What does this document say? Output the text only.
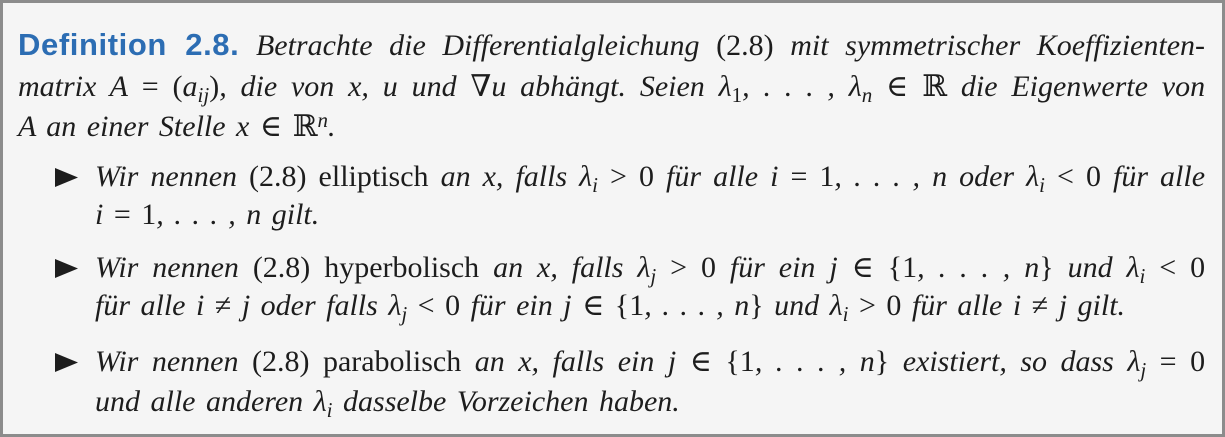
Definition 2.8. Betrachte die Differentialgleichung (2.8) mit symmetrischer Koeffizienten-
matrix $A = (a_{ij})$, die von x, u und ∇u abhängt. Seien $\lambda_1$, . . . , $\lambda_n$ ∈ ℝ die Eigenwerte von
A an einer Stelle x ∈ ℝ$^n$.
Wir nennen (2.8) elliptisch an x, falls $\lambda_i > 0$ für alle i = 1, . . . , n oder $\lambda_i < 0$ für alle
i = 1, . . . , n gilt.
Wir nennen (2.8) hyperbolisch an x, falls $\lambda_j > 0$ für ein j ∈ {1, . . . , n} und $\lambda_i < 0$
für alle i ≠ j oder falls $\lambda_j < 0$ für ein j ∈ {1, . . . , n} und $\lambda_i > 0$ für alle i ≠ j gilt.
Wir nennen (2.8) parabolisch an x, falls ein j ∈ {1, . . . , n} existiert, so dass $\lambda_j = 0$
und alle anderen $\lambda_i$ dasselbe Vorzeichen haben.
